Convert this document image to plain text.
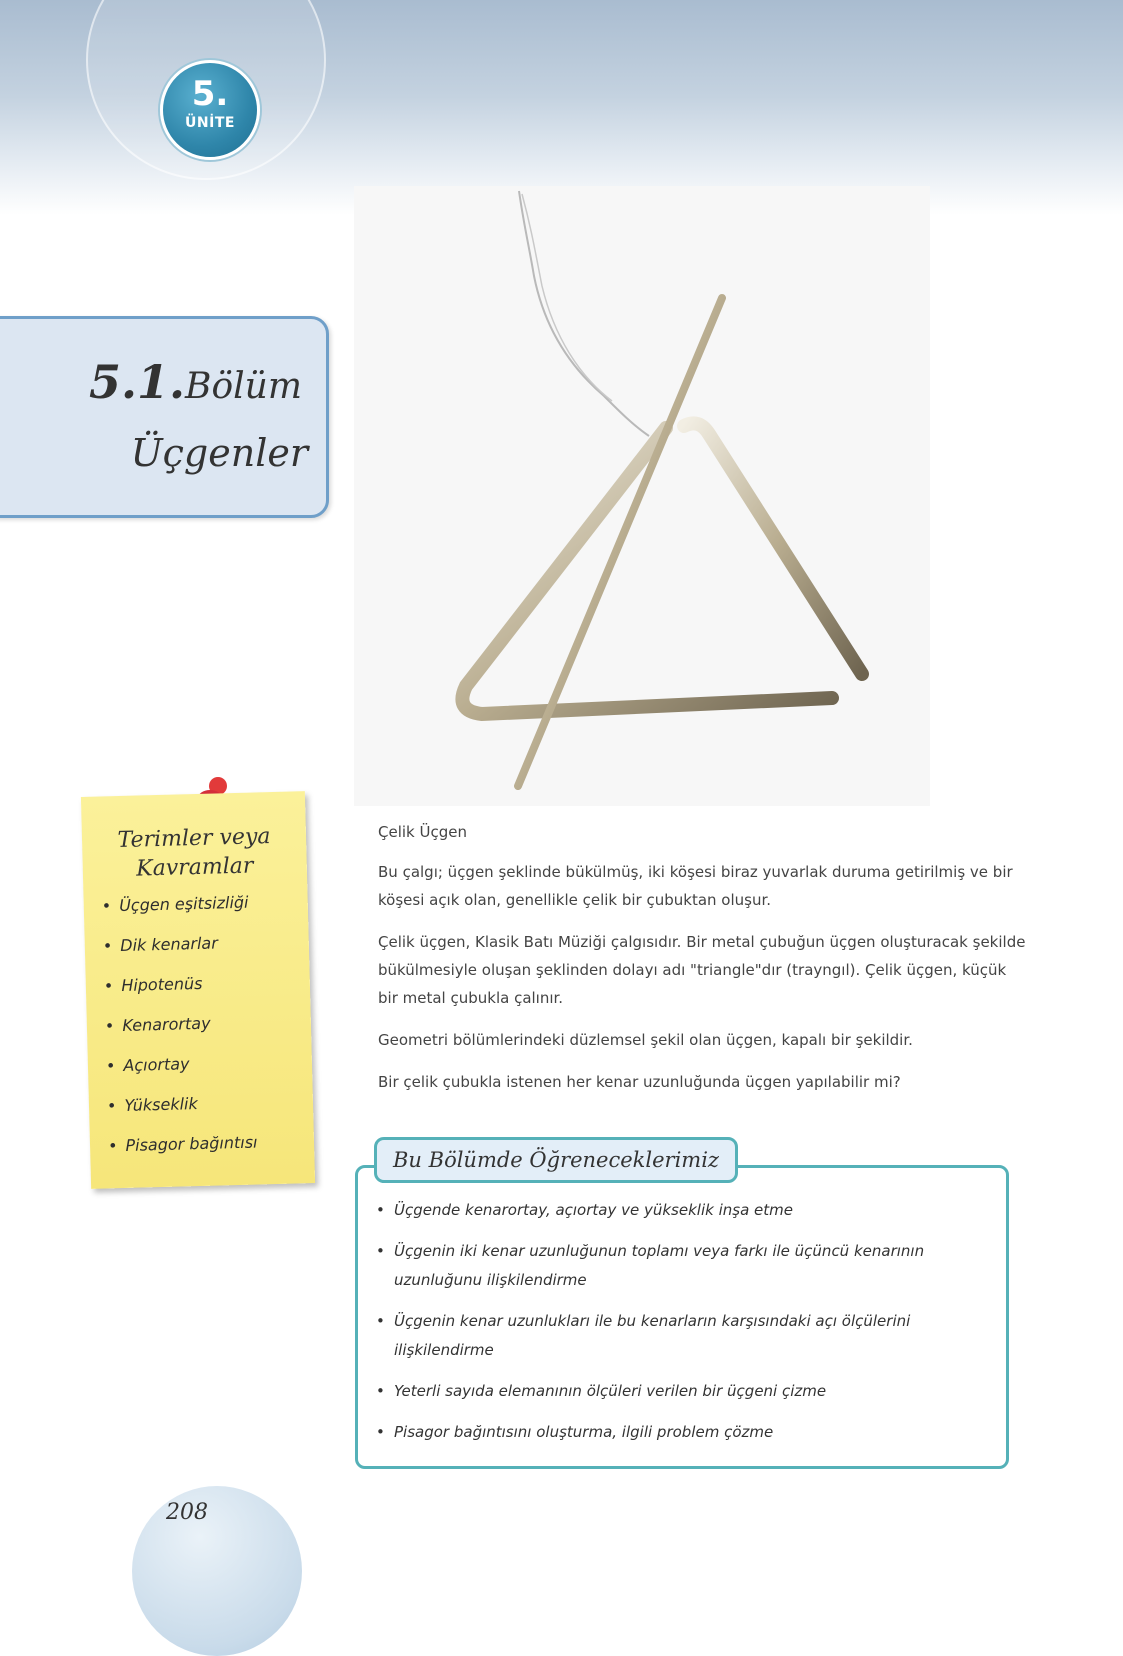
5.
ÜNİTE
5.1.Bölüm
Üçgenler
Terimler veya
Kavramlar
• Üçgen eşitsizliği
• Dik kenarlar
• Hipotenüs
• Kenarortay
• Açıortay
• Yükseklik
• Pisagor bağıntısı
Çelik Üçgen

Bu çalgı; üçgen şeklinde bükülmüş, iki köşesi biraz yuvarlak duruma getirilmiş ve bir köşesi açık olan, genellikle çelik bir çubuktan oluşur.

Çelik üçgen, Klasik Batı Müziği çalgısıdır. Bir metal çubuğun üçgen oluşturacak şekilde bükülmesiyle oluşan şeklinden dolayı adı "triangle"dır (trayngıl). Çelik üçgen, küçük bir metal çubukla çalınır.

Geometri bölümlerindeki düzlemsel şekil olan üçgen, kapalı bir şekildir.

Bir çelik çubukla istenen her kenar uzunluğunda üçgen yapılabilir mi?

• Üçgende kenarortay, açıortay ve yükseklik inşa etme
• Üçgenin iki kenar uzunluğunun toplamı veya farkı ile üçüncü kenarının uzunluğunu ilişkilendirme
• Üçgenin kenar uzunlukları ile bu kenarların karşısındaki açı ölçülerini ilişkilendirme
• Yeterli sayıda elemanının ölçüleri verilen bir üçgeni çizme
• Pisagor bağıntısını oluşturma, ilgili problem çözme
Bu Bölümde Öğreneceklerimiz
208
